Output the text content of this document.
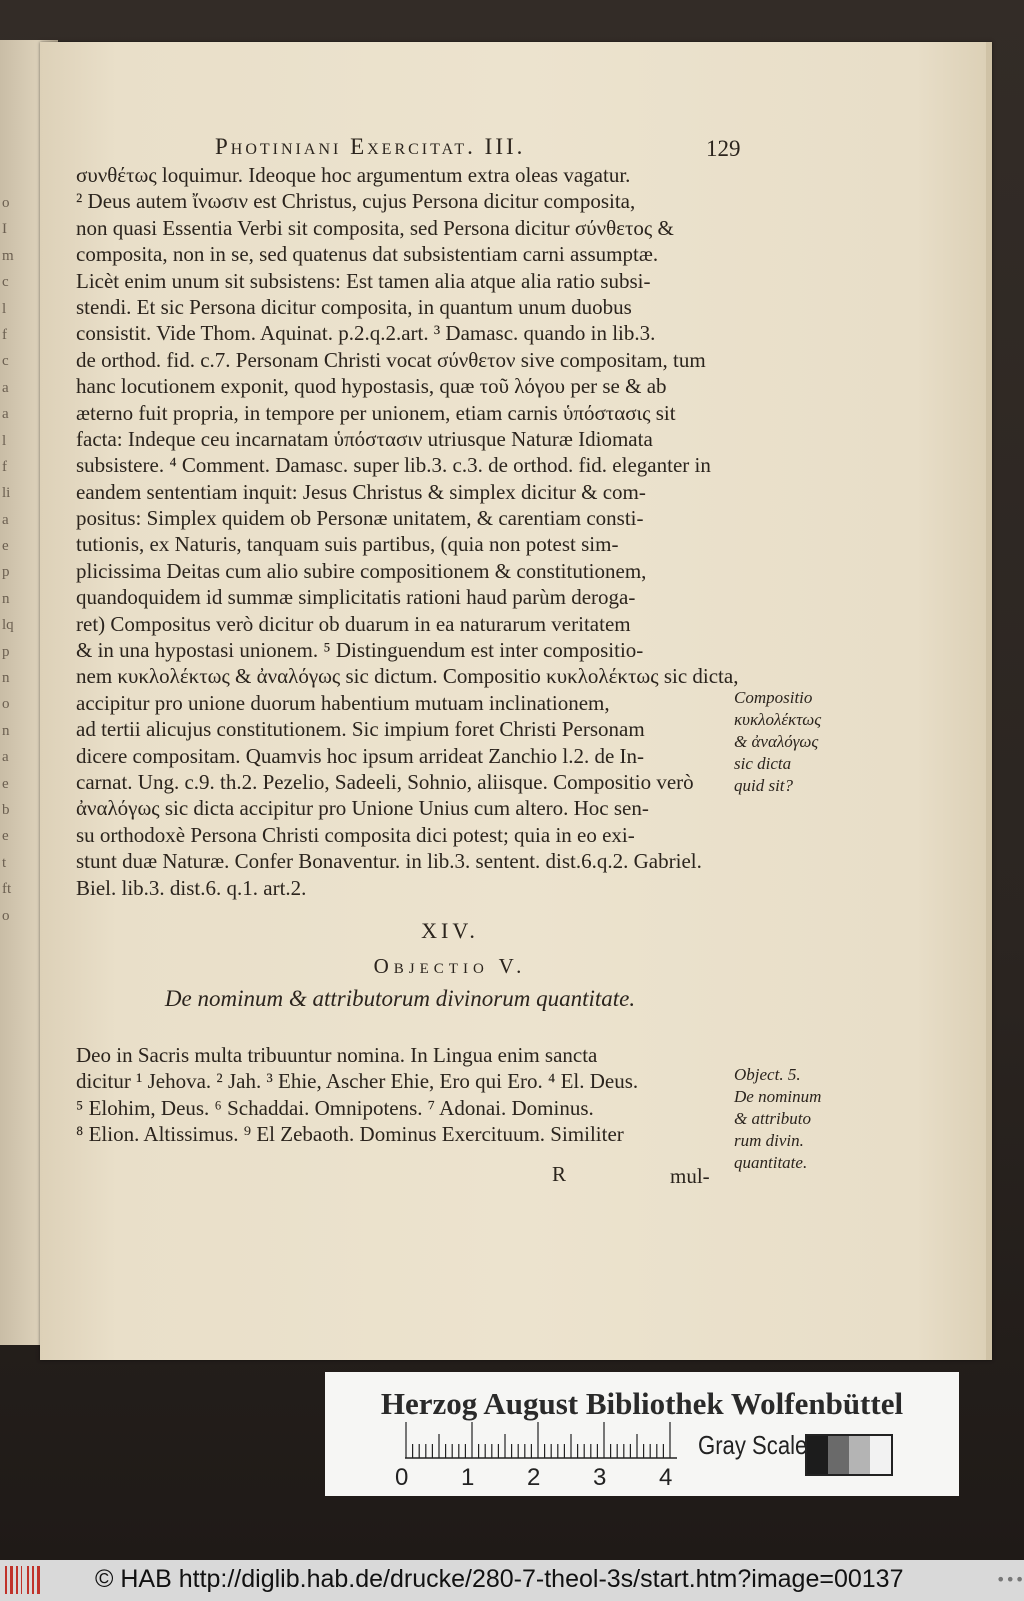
o
I
m
c
l
f
c
a
a
l
f
li
a
e
p
n
lq
p
n
o
n
a
e
b
e
t
ft
o
Photiniani Exercitat. III.	129
συνθέτως loquimur. Ideoque hoc argumentum extra oleas vagatur.
² Deus autem ἴνωσιν est Christus, cujus Persona dicitur composita,
non quasi Essentia Verbi sit composita, sed Persona dicitur σύνθετος &
composita, non in se, sed quatenus dat subsistentiam carni assumptæ.
Licèt enim unum sit subsistens: Est tamen alia atque alia ratio subsi-
stendi. Et sic Persona dicitur composita, in quantum unum duobus
consistit. Vide Thom. Aquinat. p.2.q.2.art. ³ Damasc. quando in lib.3.
de orthod. fid. c.7. Personam Christi vocat σύνθετον sive compositam, tum
hanc locutionem exponit, quod hypostasis, quæ τοῦ λόγου per se & ab
æterno fuit propria, in tempore per unionem, etiam carnis ὑπόστασις sit
facta: Indeque ceu incarnatam ὑπόστασιν utriusque Naturæ Idiomata
subsistere. ⁴ Comment. Damasc. super lib.3. c.3. de orthod. fid. eleganter in
eandem sententiam inquit: Jesus Christus & simplex dicitur & com-
positus: Simplex quidem ob Personæ unitatem, & carentiam consti-
tutionis, ex Naturis, tanquam suis partibus, (quia non potest sim-
plicissima Deitas cum alio subire compositionem & constitutionem,
quandoquidem id summæ simplicitatis rationi haud parùm deroga-
ret) Compositus verò dicitur ob duarum in ea naturarum veritatem
& in una hypostasi unionem. ⁵ Distinguendum est inter compositio-
nem κυκλολέκτως & ἀναλόγως sic dictum. Compositio κυκλολέκτως sic dicta,
accipitur pro unione duorum habentium mutuam inclinationem,
ad tertii alicujus constitutionem. Sic impium foret Christi Personam
dicere compositam. Quamvis hoc ipsum arrideat Zanchio l.2. de In-
carnat. Ung. c.9. th.2. Pezelio, Sadeeli, Sohnio, aliisque. Compositio verò
ἀναλόγως sic dicta accipitur pro Unione Unius cum altero. Hoc sen-
su orthodoxè Persona Christi composita dici potest; quia in eo exi-
stunt duæ Naturæ. Confer Bonaventur. in lib.3. sentent. dist.6.q.2. Gabriel.
Biel. lib.3. dist.6. q.1. art.2.
Compositio
κυκλολέκτως
& ἀναλόγως
sic dicta
quid sit?
XIV.
Objectio V.
De nominum & attributorum divinorum quantitate.
Deo in Sacris multa tribuuntur nomina. In Lingua enim sancta
dicitur ¹ Jehova. ² Jah. ³ Ehie, Ascher Ehie, Ero qui Ero. ⁴ El. Deus.
⁵ Elohim, Deus. ⁶ Schaddai. Omnipotens. ⁷ Adonai. Dominus.
⁸ Elion. Altissimus. ⁹ El Zebaoth. Dominus Exercituum. Similiter
Object. 5.
De nominum
& attributo
rum divin.
quantitate.
R	mul-
Herzog August Bibliothek Wolfenbüttel
0 1 2 3 4
Gray Scale
© HAB http://diglib.hab.de/drucke/280-7-theol-3s/start.htm?image=00137	•••
